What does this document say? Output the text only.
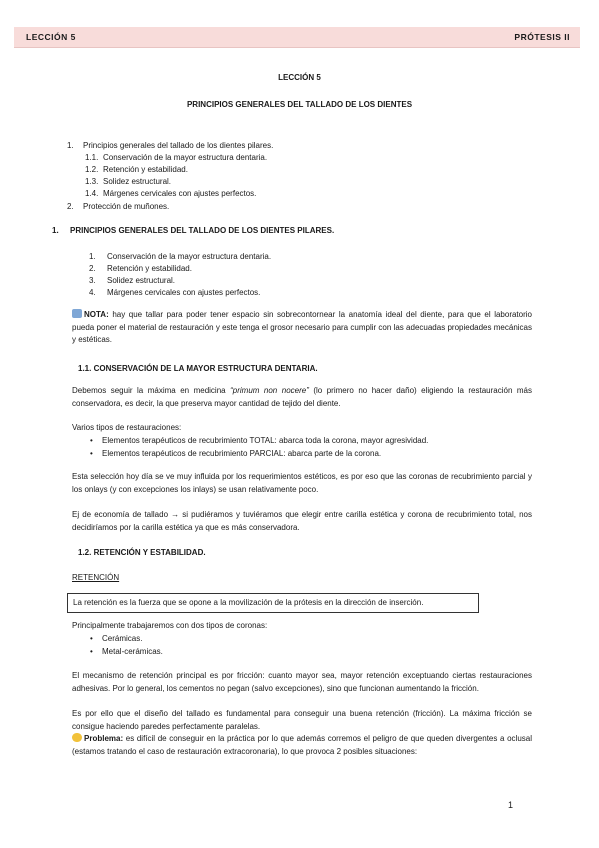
LECCIÓN 5	PRÓTESIS II
LECCIÓN 5
PRINCIPIOS GENERALES DEL TALLADO DE LOS DIENTES
1. Principios generales del tallado de los dientes pilares.
1.1. Conservación de la mayor estructura dentaria.
1.2. Retención y estabilidad.
1.3. Solidez estructural.
1.4. Márgenes cervicales con ajustes perfectos.
2. Protección de muñones.
1. PRINCIPIOS GENERALES DEL TALLADO DE LOS DIENTES PILARES.
1. Conservación de la mayor estructura dentaria.
2. Retención y estabilidad.
3. Solidez estructural.
4. Márgenes cervicales con ajustes perfectos.
NOTA: hay que tallar para poder tener espacio sin sobrecontornear la anatomía ideal del diente, para que el laboratorio pueda poner el material de restauración y este tenga el grosor necesario para cumplir con las adecuadas propiedades mecánicas y estéticas.
1.1. CONSERVACIÓN DE LA MAYOR ESTRUCTURA DENTARIA.
Debemos seguir la máxima en medicina “primum non nocere” (lo primero no hacer daño) eligiendo la restauración más conservadora, es decir, la que preserva mayor cantidad de tejido del diente.
Varios tipos de restauraciones:
• Elementos terapéuticos de recubrimiento TOTAL: abarca toda la corona, mayor agresividad.
• Elementos terapéuticos de recubrimiento PARCIAL: abarca parte de la corona.
Esta selección hoy día se ve muy influida por los requerimientos estéticos, es por eso que las coronas de recubrimiento parcial y los onlays (y con excepciones los inlays) se usan relativamente poco.
Ej de economía de tallado → si pudiéramos y tuviéramos que elegir entre carilla estética y corona de recubrimiento total, nos decidiríamos por la carilla estética ya que es más conservadora.
1.2. RETENCIÓN Y ESTABILIDAD.
RETENCIÓN
La retención es la fuerza que se opone a la movilización de la prótesis en la dirección de inserción.
Principalmente trabajaremos con dos tipos de coronas:
• Cerámicas.
• Metal-cerámicas.
El mecanismo de retención principal es por fricción: cuanto mayor sea, mayor retención exceptuando ciertas restauraciones adhesivas. Por lo general, los cementos no pegan (salvo excepciones), sino que funcionan aumentando la fricción.
Es por ello que el diseño del tallado es fundamental para conseguir una buena retención (fricción). La máxima fricción se consigue haciendo paredes perfectamente paralelas.
Problema: es difícil de conseguir en la práctica por lo que además corremos el peligro de que queden divergentes a oclusal (estamos tratando el caso de restauración extracoronaria), lo que provoca 2 posibles situaciones:
1
